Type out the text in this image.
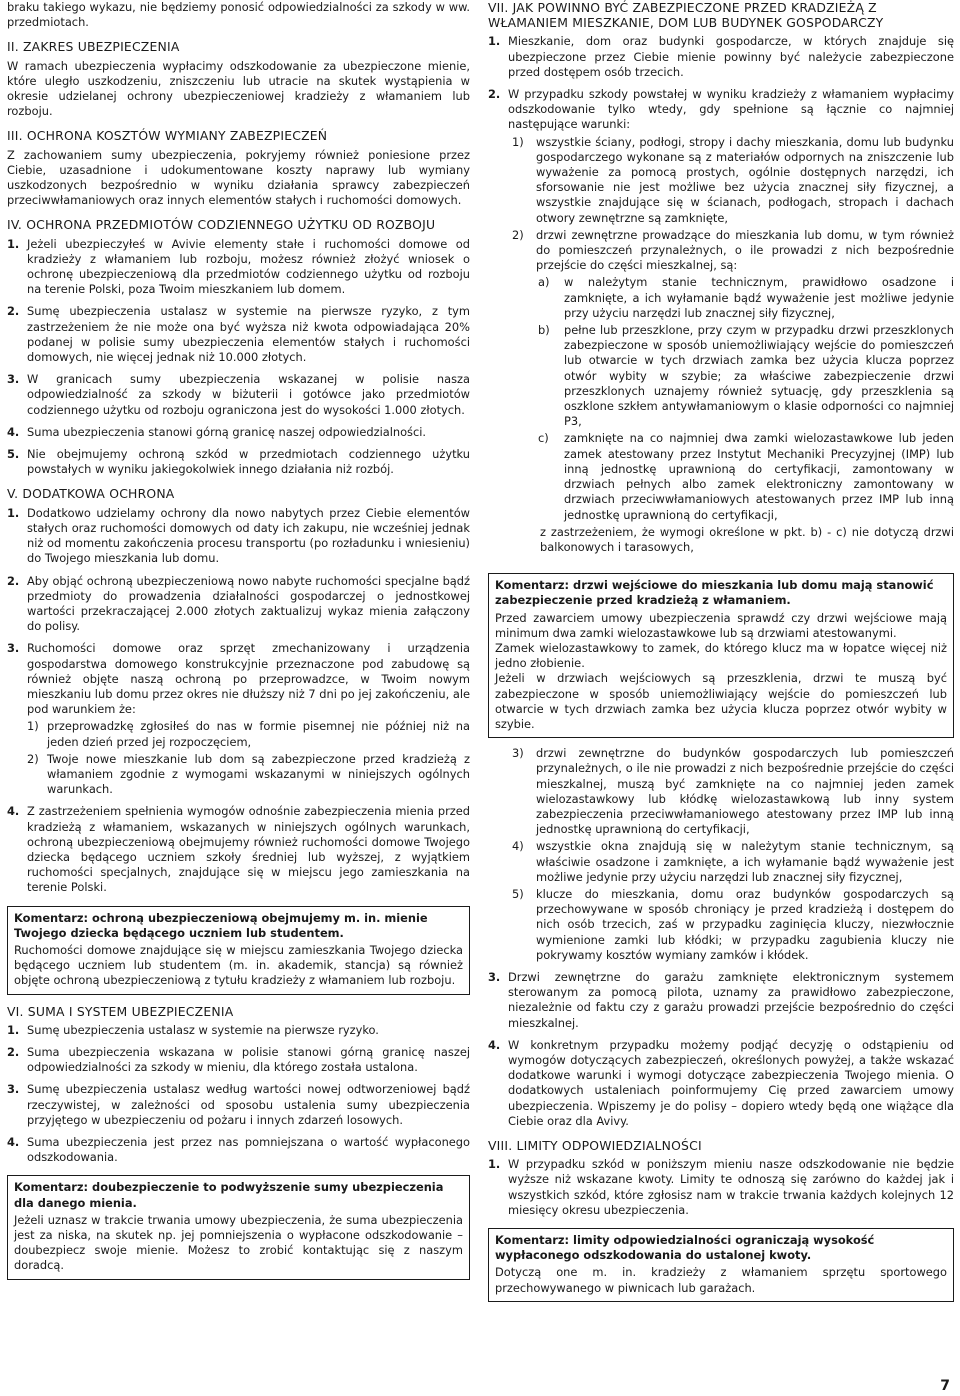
braku takiego wykazu, nie będziemy ponosić odpowiedzialności za szkody w ww. przedmiotach.

II. ZAKRES UBEZPIECZENIA

W ramach ubezpieczenia wypłacimy odszkodowanie za ubezpieczone mienie, które uległo uszkodzeniu, zniszczeniu lub utracie na skutek wystąpienia w okresie udzielanej ochrony ubezpieczeniowej kradzieży z włamaniem lub rozboju.

III. OCHRONA KOSZTÓW WYMIANY ZABEZPIECZEŃ

Z zachowaniem sumy ubezpieczenia, pokryjemy również poniesione przez Ciebie, uzasadnione i udokumentowane koszty naprawy lub wymiany uszkodzonych bezpośrednio w wyniku działania sprawcy zabezpieczeń przeciwwłamaniowych oraz innych elementów stałych i ruchomości domowych.

IV. OCHRONA PRZEDMIOTÓW CODZIENNEGO UŻYTKU OD ROZBOJU
1. Jeżeli ubezpieczyłeś w Avivie elementy stałe i ruchomości domowe od kradzieży z włamaniem lub rozboju, możesz również złożyć wniosek o ochronę ubezpieczeniową dla przedmiotów codziennego użytku od rozboju na terenie Polski, poza Twoim mieszkaniem lub domem.
2. Sumę ubezpieczenia ustalasz w systemie na pierwsze ryzyko, z tym zastrzeżeniem że nie może ona być wyższa niż kwota odpowiadająca 20% podanej w polisie sumy ubezpieczenia elementów stałych i ruchomości domowych, nie więcej jednak niż 10.000 złotych.
3. W granicach sumy ubezpieczenia wskazanej w polisie nasza odpowiedzialność za szkody w biżuterii i gotówce jako przedmiotów codziennego użytku od rozboju ograniczona jest do wysokości 1.000 złotych.
4. Suma ubezpieczenia stanowi górną granicę naszej odpowiedzialności.
5. Nie obejmujemy ochroną szkód w przedmiotach codziennego użytku powstałych w wyniku jakiegokolwiek innego działania niż rozbój.
V. DODATKOWA OCHRONA
1. Dodatkowo udzielamy ochrony dla nowo nabytych przez Ciebie elementów stałych oraz ruchomości domowych od daty ich zakupu, nie wcześniej jednak niż od momentu zakończenia procesu transportu (po rozładunku i wniesieniu) do Twojego mieszkania lub domu.
2. Aby objąć ochroną ubezpieczeniową nowo nabyte ruchomości specjalne bądź przedmioty do prowadzenia działalności gospodarczej o jednostkowej wartości przekraczającej 2.000 złotych zaktualizuj wykaz mienia załączony do polisy.
3. Ruchomości domowe oraz sprzęt zmechanizowany i urządzenia gospodarstwa domowego konstrukcyjnie przeznaczone pod zabudowę są również objęte naszą ochroną po przeprowadzce, w Twoim nowym mieszkaniu lub domu przez okres nie dłuższy niż 7 dni po jej zakończeniu, ale pod warunkiem że:
1) przeprowadzkę zgłosiłeś do nas w formie pisemnej nie później niż na jeden dzień przed jej rozpoczęciem,
2) Twoje nowe mieszkanie lub dom są zabezpieczone przed kradzieżą z włamaniem zgodnie z wymogami wskazanymi w niniejszych ogólnych warunkach.
4. Z zastrzeżeniem spełnienia wymogów odnośnie zabezpieczenia mienia przed kradzieżą z włamaniem, wskazanych w niniejszych ogólnych warunkach, ochroną ubezpieczeniową obejmujemy również ruchomości domowe Twojego dziecka będącego uczniem szkoły średniej lub wyższej, z wyjątkiem ruchomości specjalnych, znajdujące się w miejscu jego zamieszkania na terenie Polski.
Komentarz: ochroną ubezpieczeniową obejmujemy m. in. mienie Twojego dziecka będącego uczniem lub studentem.

Ruchomości domowe znajdujące się w miejscu zamieszkania Twojego dziecka będącego uczniem lub studentem (m. in. akademik, stancja) są również objęte ochroną ubezpieczeniową z tytułu kradzieży z włamaniem lub rozboju.

VI. SUMA I SYSTEM UBEZPIECZENIA
1. Sumę ubezpieczenia ustalasz w systemie na pierwsze ryzyko.
2. Suma ubezpieczenia wskazana w polisie stanowi górną granicę naszej odpowiedzialności za szkody w mieniu, dla którego została ustalona.
3. Sumę ubezpieczenia ustalasz według wartości nowej odtworzeniowej bądź rzeczywistej, w zależności od sposobu ustalenia sumy ubezpieczenia przyjętego w ubezpieczeniu od pożaru i innych zdarzeń losowych.
4. Suma ubezpieczenia jest przez nas pomniejszana o wartość wypłaconego odszkodowania.
Komentarz: doubezpieczenie to podwyższenie sumy ubezpieczenia dla danego mienia.

Jeżeli uznasz w trakcie trwania umowy ubezpieczenia, że suma ubezpieczenia jest za niska, na skutek np. jej pomniejszenia o wypłacone odszkodowanie – doubezpiecz swoje mienie. Możesz to zrobić kontaktując się z naszym doradcą.

VII. JAK POWINNO BYĆ ZABEZPIECZONE PRZED KRADZIEŻĄ Z WŁAMANIEM MIESZKANIE, DOM LUB BUDYNEK GOSPODARCZY
1. Mieszkanie, dom oraz budynki gospodarcze, w których znajduje się ubezpieczone przez Ciebie mienie powinny być należycie zabezpieczone przed dostępem osób trzecich.
2. W przypadku szkody powstałej w wyniku kradzieży z włamaniem wypłacimy odszkodowanie tylko wtedy, gdy spełnione są łącznie co najmniej następujące warunki:
1) wszystkie ściany, podłogi, stropy i dachy mieszkania, domu lub budynku gospodarczego wykonane są z materiałów odpornych na zniszczenie lub wyważenie za pomocą prostych, ogólnie dostępnych narzędzi, ich sforsowanie nie jest możliwe bez użycia znacznej siły fizycznej, a wszystkie znajdujące się w ścianach, podłogach, stropach i dachach otwory zewnętrzne są zamknięte,
2) drzwi zewnętrzne prowadzące do mieszkania lub domu, w tym również do pomieszczeń przynależnych, o ile prowadzi z nich bezpośrednie przejście do części mieszkalnej, są:
a) w należytym stanie technicznym, prawidłowo osadzone i zamknięte, a ich wyłamanie bądź wyważenie jest możliwe jedynie przy użyciu narzędzi lub znacznej siły fizycznej,
b) pełne lub przeszklone, przy czym w przypadku drzwi przeszklonych zabezpieczone w sposób uniemożliwiający wejście do pomieszczeń lub otwarcie w tych drzwiach zamka bez użycia klucza poprzez otwór wybity w szybie; za właściwe zabezpieczenie drzwi przeszklonych uznajemy również sytuację, gdy przeszklenia są oszklone szkłem antywłamaniowym o klasie odporności co najmniej P3,
c) zamknięte na co najmniej dwa zamki wielozastawkowe lub jeden zamek atestowany przez Instytut Mechaniki Precyzyjnej (IMP) lub inną jednostkę uprawnioną do certyfikacji, zamontowany w drzwiach pełnych albo zamek elektroniczny zamontowany w drzwiach przeciwwłamaniowych atestowanych przez IMP lub inną jednostkę uprawnioną do certyfikacji,

z zastrzeżeniem, że wymogi określone w pkt. b) - c) nie dotyczą drzwi balkonowych i tarasowych,

Komentarz: drzwi wejściowe do mieszkania lub domu mają stanowić zabezpieczenie przed kradzieżą z włamaniem.

Przed zawarciem umowy ubezpieczenia sprawdź czy drzwi wejściowe mają minimum dwa zamki wielozastawkowe lub są drzwiami atestowanymi.

Zamek wielozastawkowy to zamek, do którego klucz ma w łopatce więcej niż jedno złobienie.

Jeżeli w drzwiach wejściowych są przeszklenia, drzwi te muszą być zabezpieczone w sposób uniemożliwiający wejście do pomieszczeń lub otwarcie w tych drzwiach zamka bez użycia klucza poprzez otwór wybity w szybie.

3) drzwi zewnętrzne do budynków gospodarczych lub pomieszczeń przynależnych, o ile nie prowadzi z nich bezpośrednie przejście do części mieszkalnej, muszą być zamknięte na co najmniej jeden zamek wielozastawkowy lub kłódkę wielozastawkową lub inny system zabezpieczenia przeciwwłamaniowego atestowany przez IMP lub inną jednostkę uprawnioną do certyfikacji,
4) wszystkie okna znajdują się w należytym stanie technicznym, są właściwie osadzone i zamknięte, a ich wyłamanie bądź wyważenie jest możliwe jedynie przy użyciu narzędzi lub znacznej siły fizycznej,
5) klucze do mieszkania, domu oraz budynków gospodarczych są przechowywane w sposób chroniący je przed kradzieżą i dostępem do nich osób trzecich, zaś w przypadku zaginięcia kluczy, niezwłocznie wymienione zamki lub kłódki; w przypadku zagubienia kluczy nie pokrywamy kosztów wymiany zamków i kłódek.
3. Drzwi zewnętrzne do garażu zamknięte elektronicznym systemem sterowanym za pomocą pilota, uznamy za prawidłowo zabezpieczone, niezależnie od faktu czy z garażu prowadzi przejście bezpośrednio do części mieszkalnej.
4. W konkretnym przypadku możemy podjąć decyzję o odstąpieniu od wymogów dotyczących zabezpieczeń, określonych powyżej, a także wskazać dodatkowe warunki i wymogi dotyczące zabezpieczenia Twojego mienia. O dodatkowych ustaleniach poinformujemy Cię przed zawarciem umowy ubezpieczenia. Wpiszemy je do polisy – dopiero wtedy będą one wiążące dla Ciebie oraz dla Avivy.
VIII. LIMITY ODPOWIEDZIALNOŚCI
1. W przypadku szkód w poniższym mieniu nasze odszkodowanie nie będzie wyższe niż wskazane kwoty. Limity te odnoszą się zarówno do każdej jak i wszystkich szkód, które zgłosisz nam w trakcie trwania każdych kolejnych 12 miesięcy okresu ubezpieczenia.
Komentarz: limity odpowiedzialności ograniczają wysokość wypłaconego odszkodowania do ustalonej kwoty.

Dotyczą one m. in. kradzieży z włamaniem sprzętu sportowego przechowywanego w piwnicach lub garażach.

7
